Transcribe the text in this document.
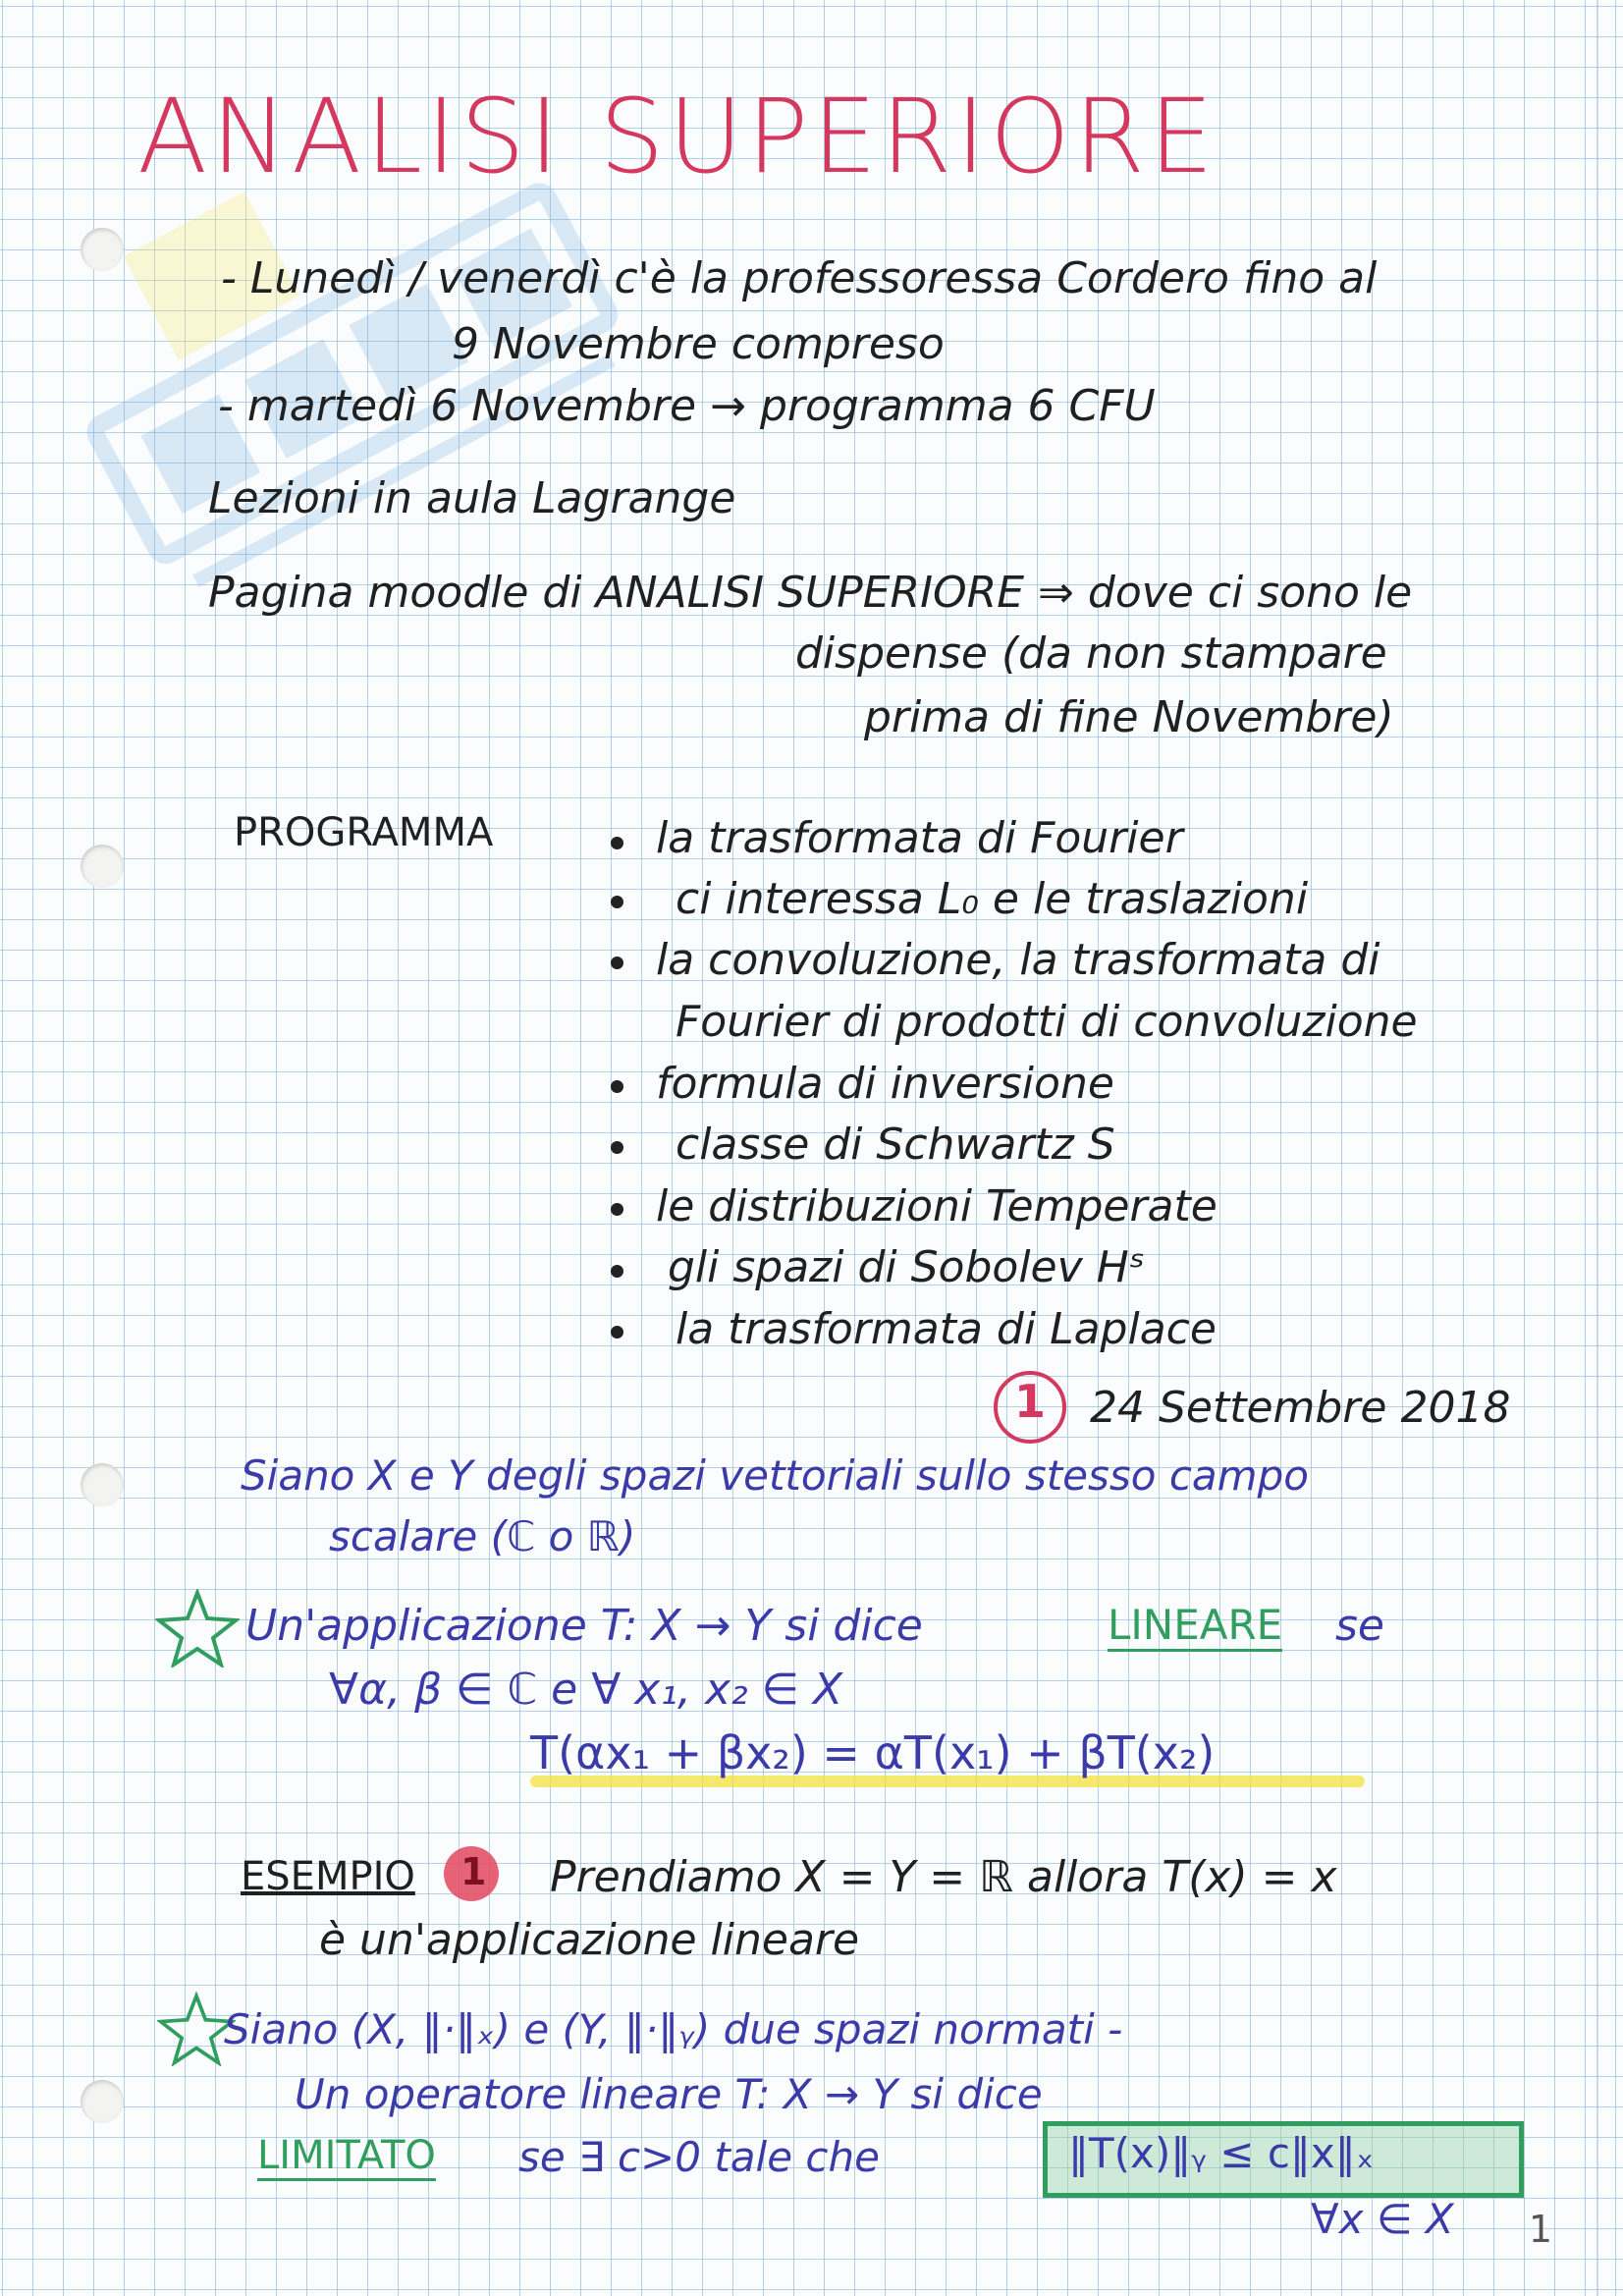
ANALISI SUPERIORE
- Lunedì / venerdì c'è la professoressa Cordero fino al
9 Novembre compreso
- martedì 6 Novembre → programma 6 CFU
Lezioni in aula Lagrange
Pagina moodle di ANALISI SUPERIORE ⇒ dove ci sono le
dispense (da non stampare
prima di fine Novembre)
PROGRAMMA	la trasformata di Fourier
ci interessa L₀ e le traslazioni
la convoluzione, la trasformata di
Fourier di prodotti di convoluzione
formula di inversione
classe di Schwartz S
le distribuzioni Temperate
gli spazi di Sobolev Hˢ
la trasformata di Laplace
1 24 Settembre 2018
Siano X e Y degli spazi vettoriali sullo stesso campo
scalare (ℂ o ℝ)
Un'applicazione T: X → Y si dice	LINEARE se
∀α, β ∈ ℂ e ∀ x₁, x₂ ∈ X
T(αx₁ + βx₂) = αT(x₁) + βT(x₂)
ESEMPIO 1 Prendiamo X = Y = ℝ allora T(x) = x
è un'applicazione lineare
Siano (X, ‖·‖ₓ) e (Y, ‖·‖ᵧ) due spazi normati -
Un operatore lineare T: X → Y si dice
LIMITATO se ∃ c>0 tale che	‖T(x)‖ᵧ ≤ c‖x‖ₓ
∀x ∈ X 1
